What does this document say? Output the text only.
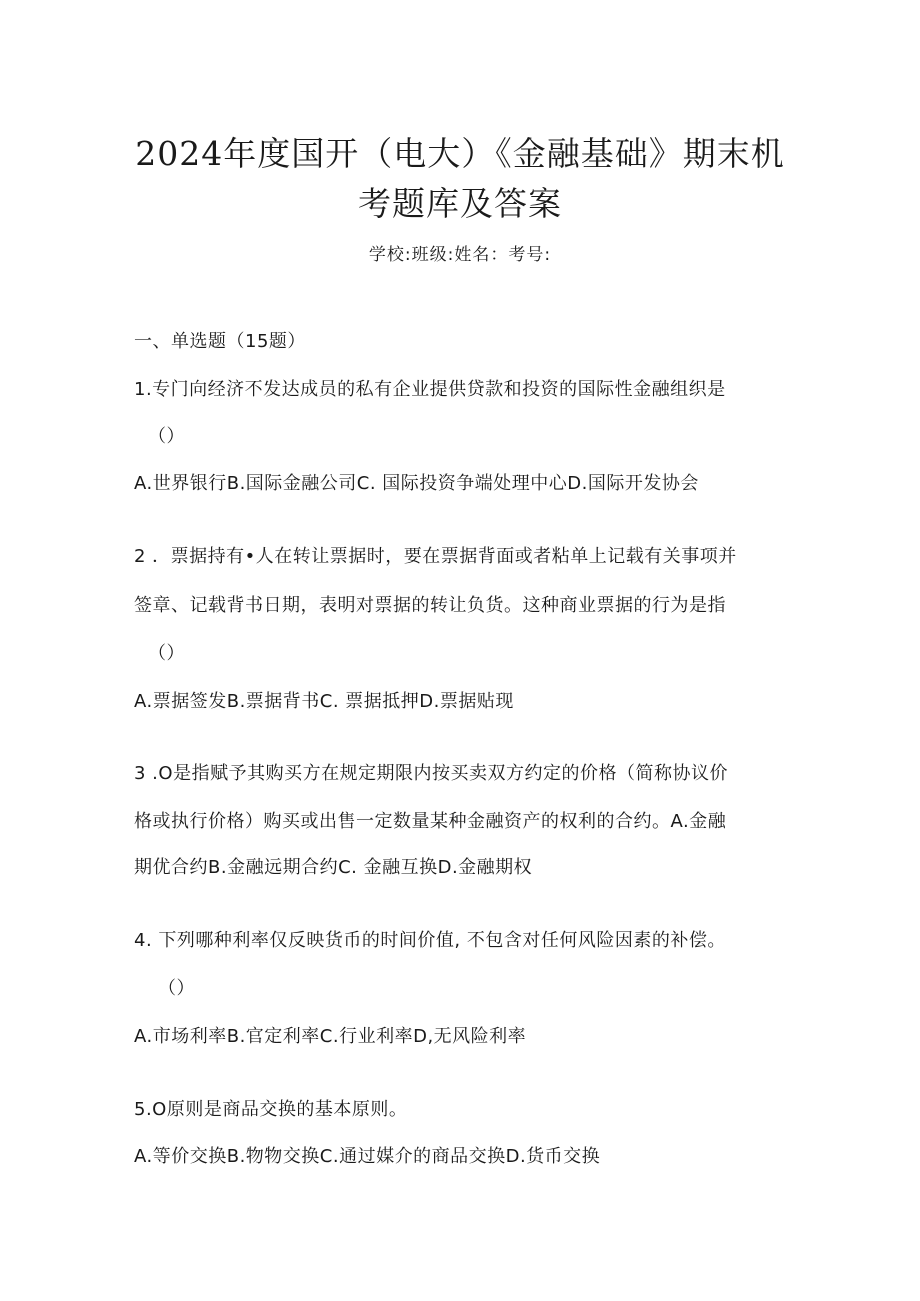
2024年度国开（电大）《金融基础》期末机
考题库及答案
学校:班级:姓名：考号:
一、单选题（15题）
1.专门向经济不发达成员的私有企业提供贷款和投资的国际性金融组织是
（）
A.世界银行B.国际金融公司C. 国际投资争端处理中心D.国际开发协会
2 ．票据持有•人在转让票据时，要在票据背面或者粘单上记载有关事项并
签章、记载背书日期，表明对票据的转让负货。这种商业票据的行为是指
（）
A.票据签发B.票据背书C. 票据抵押D.票据贴现
3 .O是指赋予其购买方在规定期限内按买卖双方约定的价格（简称协议价
格或执行价格）购买或出售一定数量某种金融资产的权利的合约。A.金融
期优合约B.金融远期合约C. 金融互换D.金融期权
4. 下列哪种利率仅反映货币的时间价值, 不包含对任何风险因素的补偿。
（）
A.市场利率B.官定利率C.行业利率D,无风险利率
5.O原则是商品交换的基本原则。
A.等价交换B.物物交换C.通过媒介的商品交换D.货币交换
